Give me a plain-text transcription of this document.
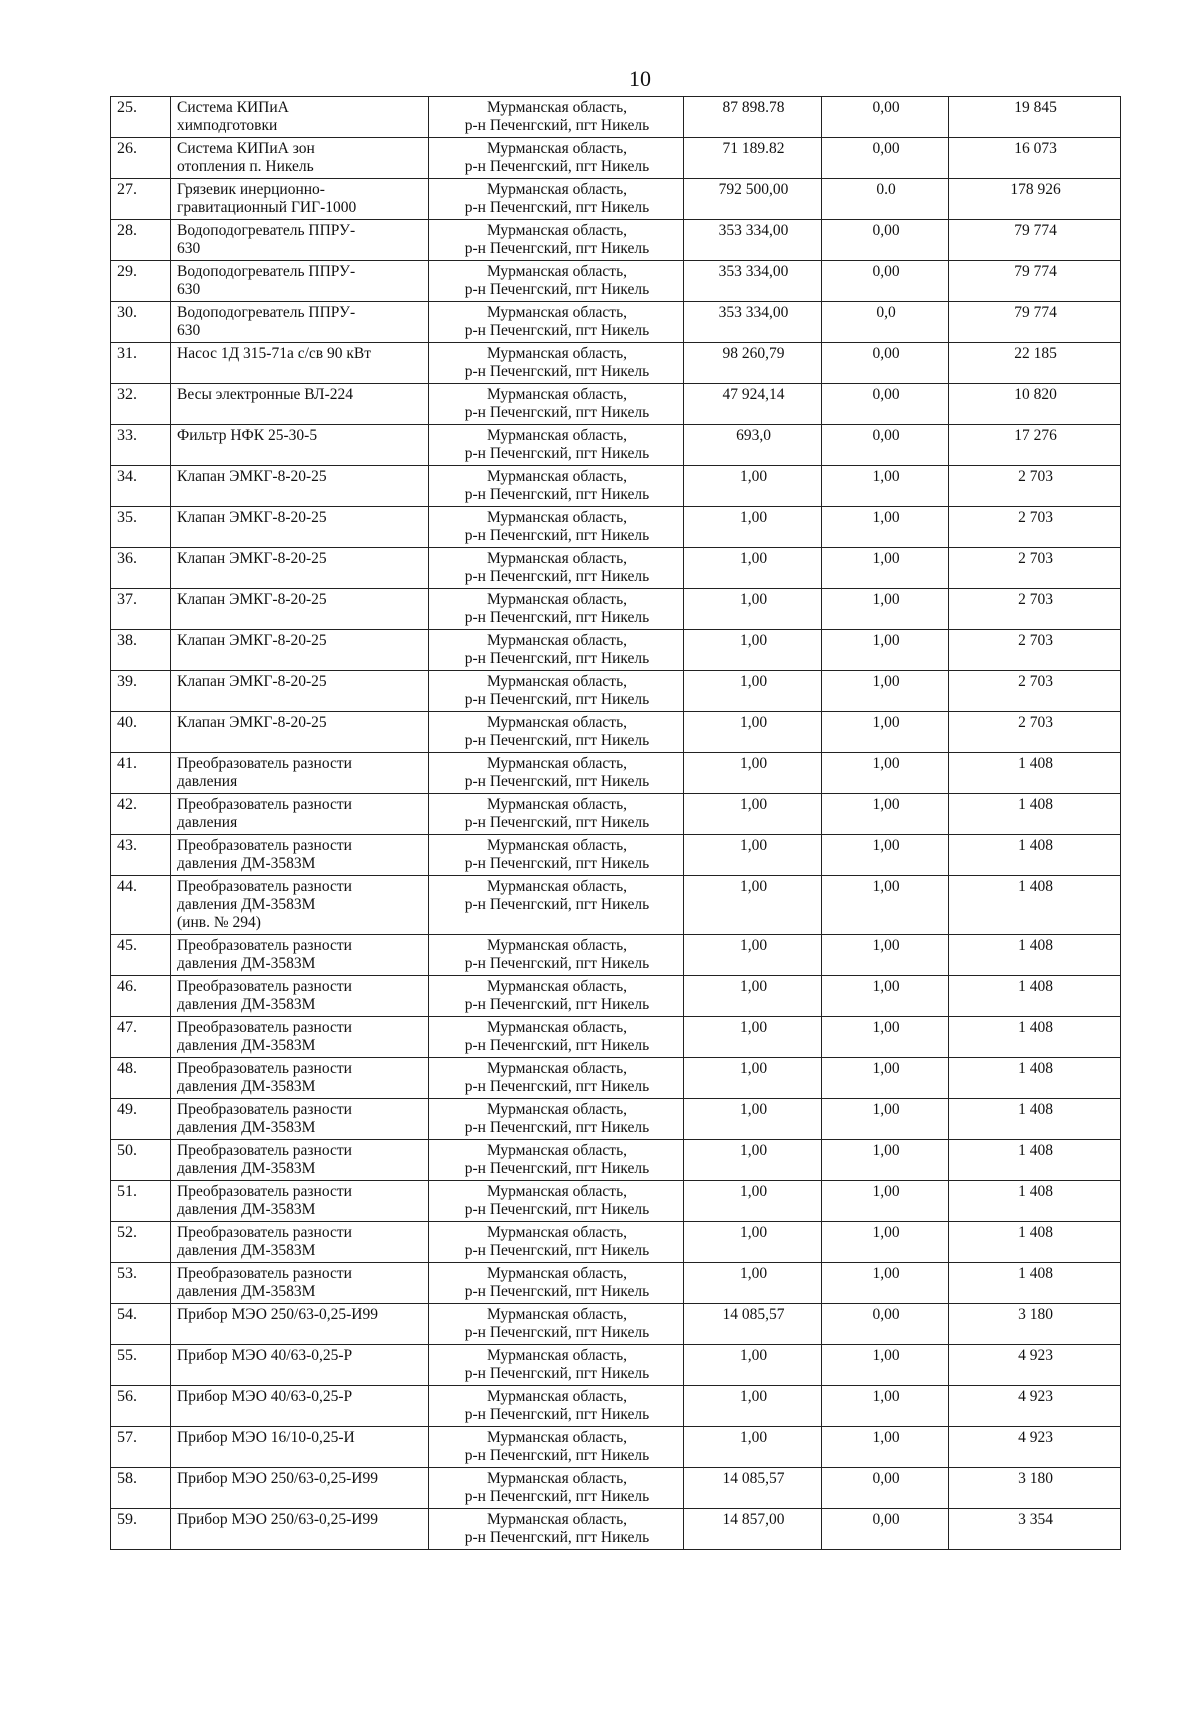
10
25.	Система КИПиА
химподготовки	Мурманская область,
р-н Печенгский, пгт Никель	87 898.78	0,00	19 845
26.	Система КИПиА зон
отопления п. Никель	Мурманская область,
р-н Печенгский, пгт Никель	71 189.82	0,00	16 073
27.	Грязевик инерционно-
гравитационный ГИГ-1000	Мурманская область,
р-н Печенгский, пгт Никель	792 500,00	0.0	178 926
28.	Водоподогреватель ППРУ-
630	Мурманская область,
р-н Печенгский, пгт Никель	353 334,00	0,00	79 774
29.	Водоподогреватель ППРУ-
630	Мурманская область,
р-н Печенгский, пгт Никель	353 334,00	0,00	79 774
30.	Водоподогреватель ППРУ-
630	Мурманская область,
р-н Печенгский, пгт Никель	353 334,00	0,0	79 774
31.	Насос 1Д 315-71а с/св 90 кВт	Мурманская область,
р-н Печенгский, пгт Никель	98 260,79	0,00	22 185
32.	Весы электронные ВЛ-224	Мурманская область,
р-н Печенгский, пгт Никель	47 924,14	0,00	10 820
33.	Фильтр НФК 25-30-5	Мурманская область,
р-н Печенгский, пгт Никель	693,0	0,00	17 276
34.	Клапан ЭМКГ-8-20-25	Мурманская область,
р-н Печенгский, пгт Никель	1,00	1,00	2 703
35.	Клапан ЭМКГ-8-20-25	Мурманская область,
р-н Печенгский, пгт Никель	1,00	1,00	2 703
36.	Клапан ЭМКГ-8-20-25	Мурманская область,
р-н Печенгский, пгт Никель	1,00	1,00	2 703
37.	Клапан ЭМКГ-8-20-25	Мурманская область,
р-н Печенгский, пгт Никель	1,00	1,00	2 703
38.	Клапан ЭМКГ-8-20-25	Мурманская область,
р-н Печенгский, пгт Никель	1,00	1,00	2 703
39.	Клапан ЭМКГ-8-20-25	Мурманская область,
р-н Печенгский, пгт Никель	1,00	1,00	2 703
40.	Клапан ЭМКГ-8-20-25	Мурманская область,
р-н Печенгский, пгт Никель	1,00	1,00	2 703
41.	Преобразователь разности
давления	Мурманская область,
р-н Печенгский, пгт Никель	1,00	1,00	1 408
42.	Преобразователь разности
давления	Мурманская область,
р-н Печенгский, пгт Никель	1,00	1,00	1 408
43.	Преобразователь разности
давления ДМ-3583М	Мурманская область,
р-н Печенгский, пгт Никель	1,00	1,00	1 408
44.	Преобразователь разности
давления ДМ-3583М
(инв. № 294)	Мурманская область,
р-н Печенгский, пгт Никель	1,00	1,00	1 408
45.	Преобразователь разности
давления ДМ-3583М	Мурманская область,
р-н Печенгский, пгт Никель	1,00	1,00	1 408
46.	Преобразователь разности
давления ДМ-3583М	Мурманская область,
р-н Печенгский, пгт Никель	1,00	1,00	1 408
47.	Преобразователь разности
давления ДМ-3583М	Мурманская область,
р-н Печенгский, пгт Никель	1,00	1,00	1 408
48.	Преобразователь разности
давления ДМ-3583М	Мурманская область,
р-н Печенгский, пгт Никель	1,00	1,00	1 408
49.	Преобразователь разности
давления ДМ-3583М	Мурманская область,
р-н Печенгский, пгт Никель	1,00	1,00	1 408
50.	Преобразователь разности
давления ДМ-3583М	Мурманская область,
р-н Печенгский, пгт Никель	1,00	1,00	1 408
51.	Преобразователь разности
давления ДМ-3583М	Мурманская область,
р-н Печенгский, пгт Никель	1,00	1,00	1 408
52.	Преобразователь разности
давления ДМ-3583М	Мурманская область,
р-н Печенгский, пгт Никель	1,00	1,00	1 408
53.	Преобразователь разности
давления ДМ-3583М	Мурманская область,
р-н Печенгский, пгт Никель	1,00	1,00	1 408
54.	Прибор МЭО 250/63-0,25-И99	Мурманская область,
р-н Печенгский, пгт Никель	14 085,57	0,00	3 180
55.	Прибор МЭО 40/63-0,25-Р	Мурманская область,
р-н Печенгский, пгт Никель	1,00	1,00	4 923
56.	Прибор МЭО 40/63-0,25-Р	Мурманская область,
р-н Печенгский, пгт Никель	1,00	1,00	4 923
57.	Прибор МЭО 16/10-0,25-И	Мурманская область,
р-н Печенгский, пгт Никель	1,00	1,00	4 923
58.	Прибор МЭО 250/63-0,25-И99	Мурманская область,
р-н Печенгский, пгт Никель	14 085,57	0,00	3 180
59.	Прибор МЭО 250/63-0,25-И99	Мурманская область,
р-н Печенгский, пгт Никель	14 857,00	0,00	3 354
